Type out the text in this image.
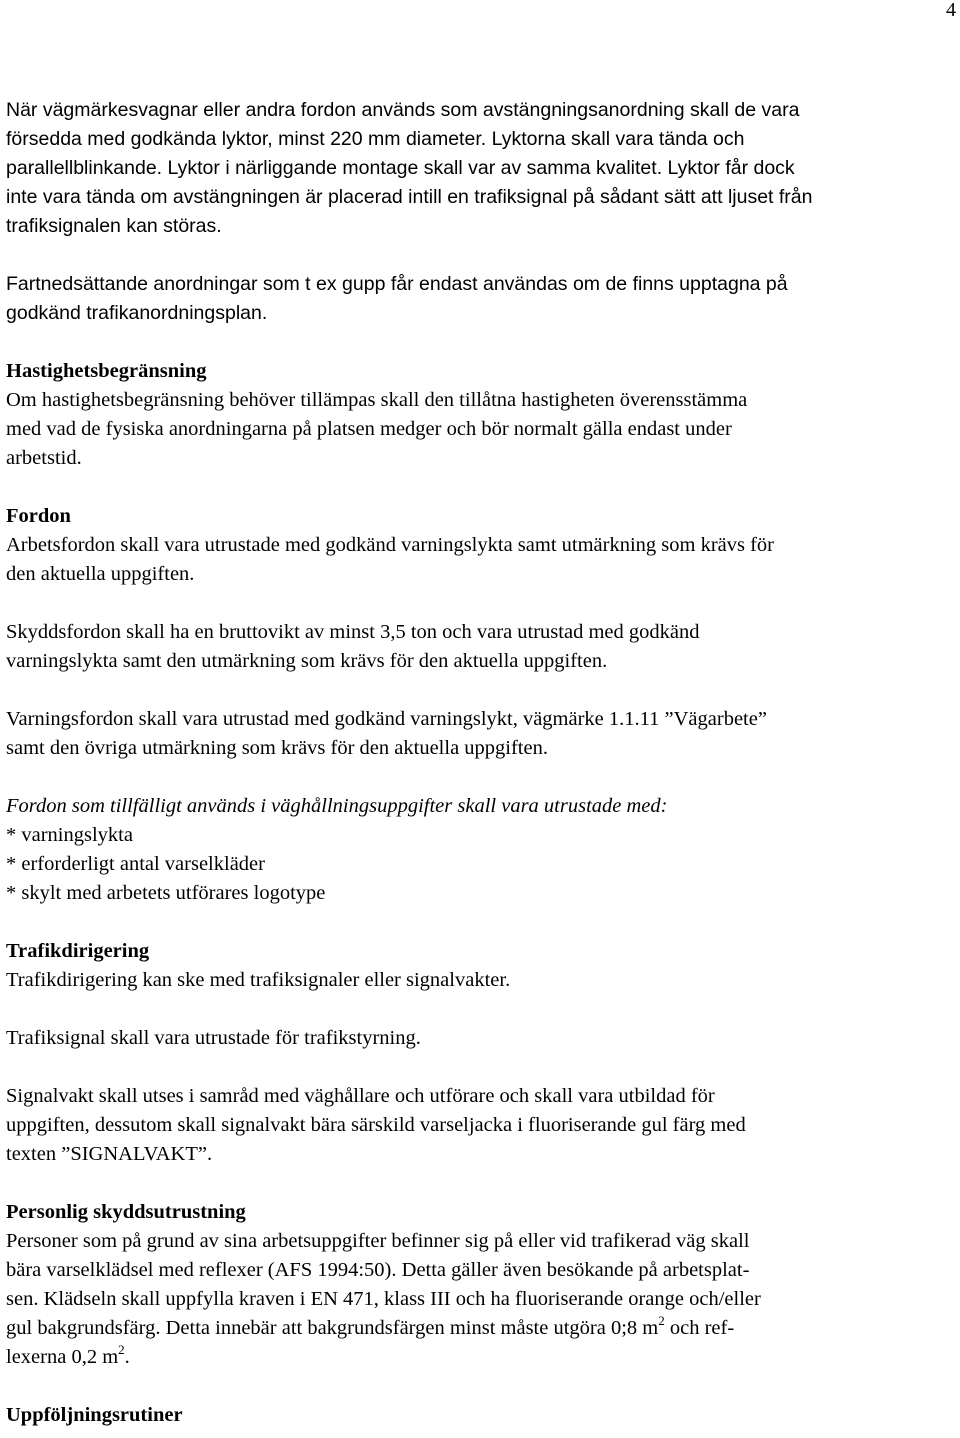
4

När vägmärkesvagnar eller andra fordon används som avstängningsanordning skall de vara
försedda med godkända lyktor, minst 220 mm diameter. Lyktorna skall vara tända och
parallellblinkande. Lyktor i närliggande montage skall var av samma kvalitet. Lyktor får dock
inte vara tända om avstängningen är placerad intill en trafiksignal på sådant sätt att ljuset från
trafiksignalen kan störas.

Fartnedsättande anordningar som t ex gupp får endast användas om de finns upptagna på
godkänd trafikanordningsplan.

Hastighetsbegränsning

Om hastighetsbegränsning behöver tillämpas skall den tillåtna hastigheten överensstämma
med vad de fysiska anordningarna på platsen medger och bör normalt gälla endast under
arbetstid.

Fordon

Arbetsfordon skall vara utrustade med godkänd varningslykta samt utmärkning som krävs för
den aktuella uppgiften.

Skyddsfordon skall ha en bruttovikt av minst 3,5 ton och vara utrustad med godkänd
varningslykta samt den utmärkning som krävs för den aktuella uppgiften.

Varningsfordon skall vara utrustad med godkänd varningslykt, vägmärke 1.1.11 ”Vägarbete”
samt den övriga utmärkning som krävs för den aktuella uppgiften.

Fordon som tillfälligt används i väghållningsuppgifter skall vara utrustade med:

* varningslykta
* erforderligt antal varselkläder
* skylt med arbetets utförares logotype

Trafikdirigering

Trafikdirigering kan ske med trafiksignaler eller signalvakter.

Trafiksignal skall vara utrustade för trafikstyrning.

Signalvakt skall utses i samråd med väghållare och utförare och skall vara utbildad för
uppgiften, dessutom skall signalvakt bära särskild varseljacka i fluoriserande gul färg med
texten ”SIGNALVAKT”.

Personlig skyddsutrustning

Personer som på grund av sina arbetsuppgifter befinner sig på eller vid trafikerad väg skall
bära varselklädsel med reflexer (AFS 1994:50). Detta gäller även besökande på arbetsplat-
sen. Klädseln skall uppfylla kraven i EN 471, klass III och ha fluoriserande orange och/eller
gul bakgrundsfärg. Detta innebär att bakgrundsfärgen minst måste utgöra 0;8 $m^2$ och ref-
lexerna 0,2 $m^2$.

Uppföljningsrutiner
